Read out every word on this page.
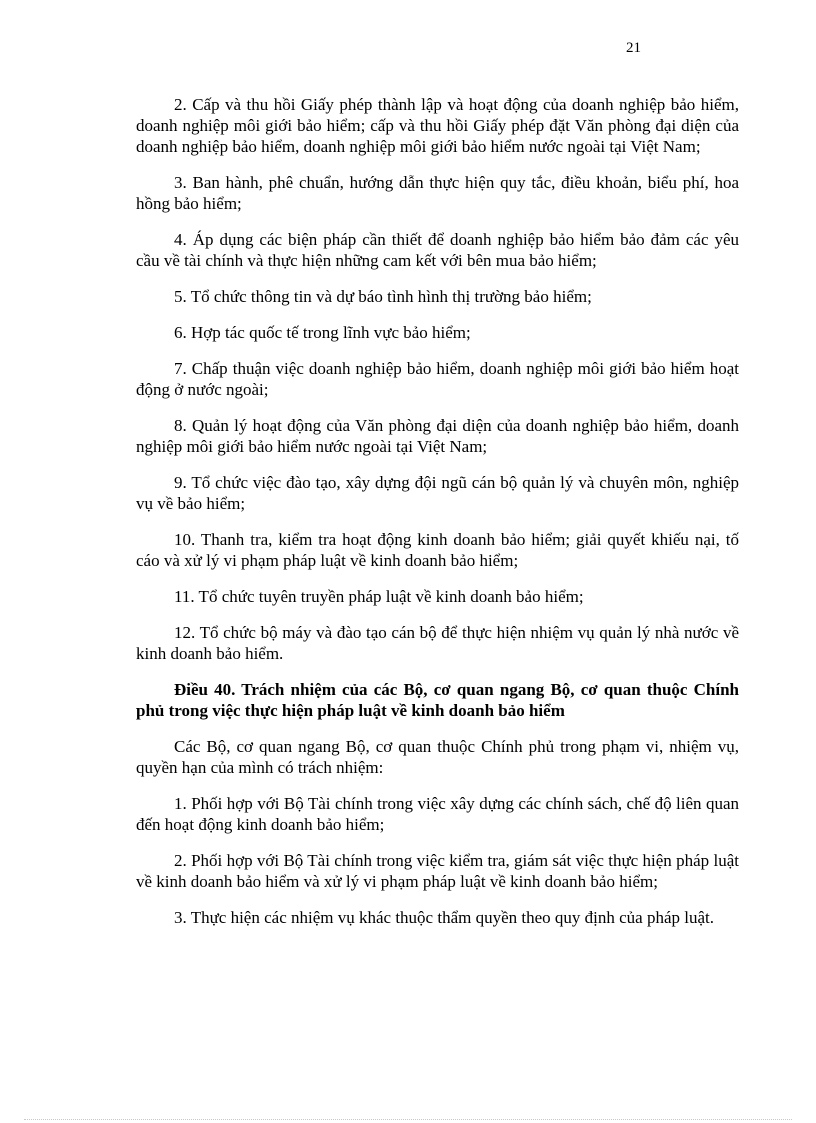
21

2. Cấp và thu hồi Giấy phép thành lập và hoạt động của doanh nghiệp bảo hiểm, doanh nghiệp môi giới bảo hiểm; cấp và thu hồi Giấy phép đặt Văn phòng đại diện của doanh nghiệp bảo hiểm, doanh nghiệp môi giới bảo hiểm nước ngoài tại Việt Nam;

3. Ban hành, phê chuẩn, hướng dẫn thực hiện quy tắc, điều khoản, biểu phí, hoa hồng bảo hiểm;

4. Áp dụng các biện pháp cần thiết để doanh nghiệp bảo hiểm bảo đảm các yêu cầu về tài chính và thực hiện những cam kết với bên mua bảo hiểm;

5. Tổ chức thông tin và dự báo tình hình thị trường bảo hiểm;

6. Hợp tác quốc tế trong lĩnh vực bảo hiểm;

7. Chấp thuận việc doanh nghiệp bảo hiểm, doanh nghiệp môi giới bảo hiểm hoạt động ở nước ngoài;

8. Quản lý hoạt động của Văn phòng đại diện của doanh nghiệp bảo hiểm, doanh nghiệp môi giới bảo hiểm nước ngoài tại Việt Nam;

9. Tổ chức việc đào tạo, xây dựng đội ngũ cán bộ quản lý và chuyên môn, nghiệp vụ về bảo hiểm;

10. Thanh tra, kiểm tra hoạt động kinh doanh bảo hiểm; giải quyết khiếu nại, tố cáo và xử lý vi phạm pháp luật về kinh doanh bảo hiểm;

11. Tổ chức tuyên truyền pháp luật về kinh doanh bảo hiểm;

12. Tổ chức bộ máy và đào tạo cán bộ để thực hiện nhiệm vụ quản lý nhà nước về kinh doanh bảo hiểm.

Điều 40. Trách nhiệm của các Bộ, cơ quan ngang Bộ, cơ quan thuộc Chính phủ trong việc thực hiện pháp luật về kinh doanh bảo hiểm

Các Bộ, cơ quan ngang Bộ, cơ quan thuộc Chính phủ trong phạm vi, nhiệm vụ, quyền hạn của mình có trách nhiệm:

1. Phối hợp với Bộ Tài chính trong việc xây dựng các chính sách, chế độ liên quan đến hoạt động kinh doanh bảo hiểm;

2. Phối hợp với Bộ Tài chính trong việc kiểm tra, giám sát việc thực hiện pháp luật về kinh doanh bảo hiểm và xử lý vi phạm pháp luật về kinh doanh bảo hiểm;

3. Thực hiện các nhiệm vụ khác thuộc thẩm quyền theo quy định của pháp luật.
